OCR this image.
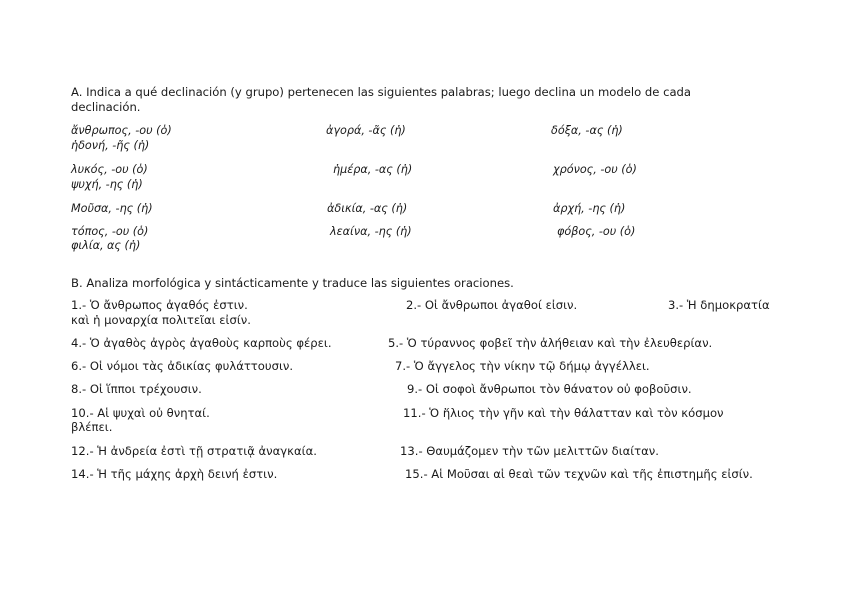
A. Indica a qué declinación (y grupo) pertenecen las siguientes palabras; luego declina un modelo de cada

declinación.

ἄνθρωπος, -ου (ὁ)	ἀγορά, -ᾶς (ἡ)	δόξα, -ας (ἡ)

ἡδονή, -ῆς (ἡ)

λυκός, -ου (ὁ)	ἡμέρα, -ας (ἡ)	χρόνος, -ου (ὁ)

ψυχή, -ης (ἡ)

Μοῦσα, -ης (ἡ)	ἀδικία, -ας (ἡ)	ἀρχή, -ης (ἡ)

τόπος, -ου (ὁ)	λεαίνα, -ης (ἡ)	φόβος, -ου (ὁ)

φιλία, ας (ἡ)

B. Analiza morfológica y sintácticamente y traduce las siguientes oraciones.

1.- Ὁ ἄνθρωπος ἀγαθός ἐστιν.	2.- Οἱ ἄνθρωποι ἀγαθοί εἰσιν.	3.- Ἡ δημοκρατία

καὶ ἡ μοναρχία πολιτεῖαι εἰσίν.

4.- Ὁ ἀγαθὸς ἀγρὸς ἀγαθοὺς καρποὺς φέρει.	5.- Ὁ τύραννος φοβεῖ τὴν ἀλήθειαν καὶ τὴν ἐλευθερίαν.

6.- Οἱ νόμοι τὰς ἀδικίας φυλάττουσιν.	7.- Ὁ ἄγγελος τὴν νίκην τῷ δήμῳ ἀγγέλλει.

8.- Οἱ ἵπποι τρέχουσιν.	9.- Οἱ σοφοὶ ἄνθρωποι τὸν θάνατον οὐ φοβοῦσιν.

10.- Αἱ ψυχαὶ οὐ θνηταί.	11.- Ὁ ἥλιος τὴν γῆν καὶ τὴν θάλατταν καὶ τὸν κόσμον

βλέπει.

12.- Ἡ ἀνδρεία ἐστὶ τῇ στρατιᾷ ἀναγκαία.	13.- Θαυμάζομεν τὴν τῶν μελιττῶν διαίταν.

14.- Ἡ τῆς μάχης ἀρχὴ δεινή ἐστιν.	15.- Αἱ Μοῦσαι αἱ θεαὶ τῶν τεχνῶν καὶ τῆς ἐπιστημῆς εἰσίν.
